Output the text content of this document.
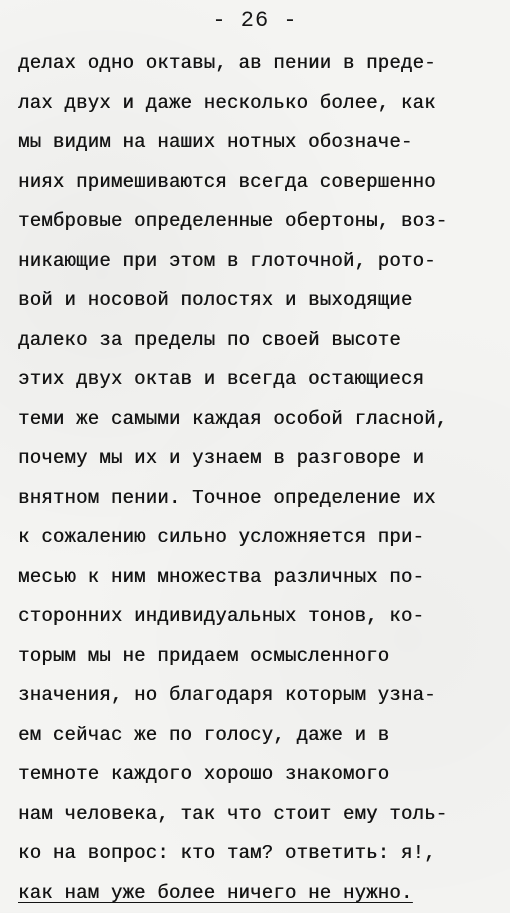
- 26 -
делах одно октавы, ав пении в преде-
лах двух и даже несколько более, как
мы видим на наших нотных обозначе-
ниях примешиваются всегда совершенно
тембровые определенные обертоны, воз-
никающие при этом в глоточной, рото-
вой и носовой полостях и выходящие
далеко за пределы по своей высоте
этих двух октав и всегда остающиеся
теми же самыми каждая особой гласной,
почему мы их и узнаем в разговоре и
внятном пении. Точное определение их
к сожалению сильно усложняется при-
месью к ним множества различных по-
сторонних индивидуальных тонов, ко-
торым мы не придаем осмысленного
значения, но благодаря которым узна-
ем сейчас же по голосу, даже и в
темноте каждого хорошо знакомого
нам человека, так что стоит ему толь-
ко на вопрос: кто там? ответить: я!,
как нам уже более ничего не нужно.
